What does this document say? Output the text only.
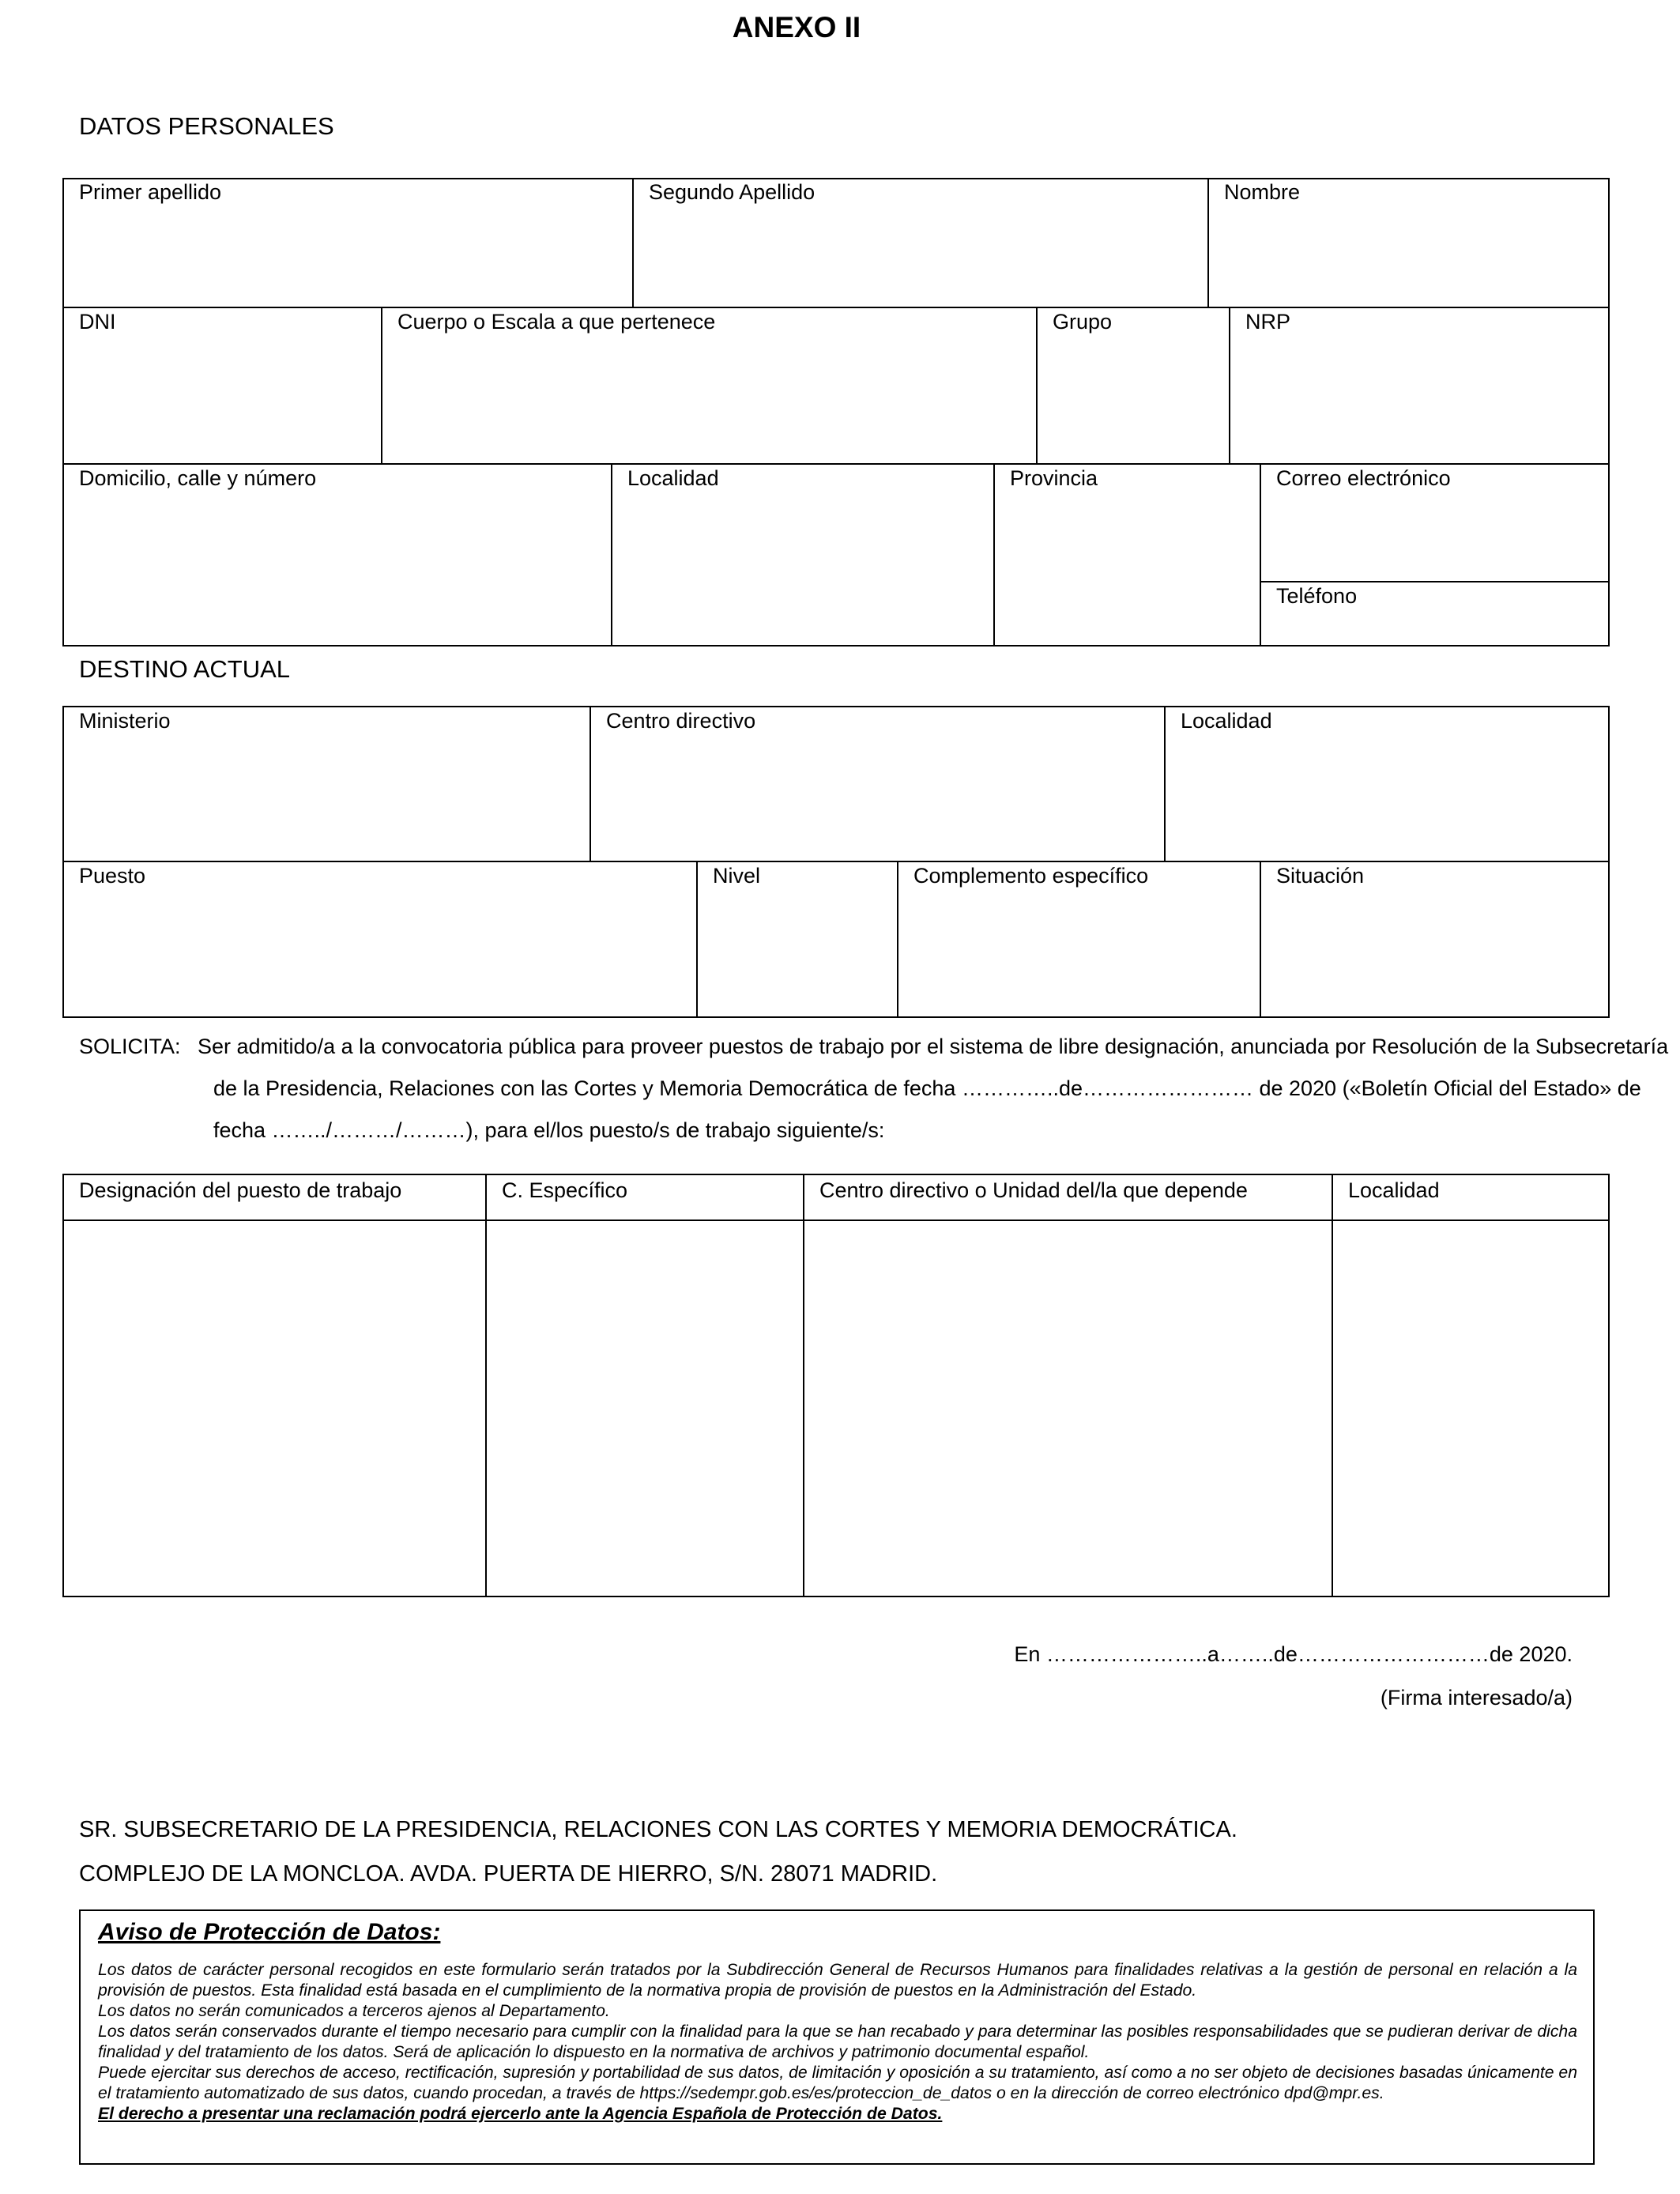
ANEXO II
DATOS PERSONALES
Primer apellido	Segundo Apellido	Nombre
DNI	Cuerpo o Escala a que pertenece	Grupo	NRP
Domicilio, calle y número	Localidad	Provincia	Correo electrónico
Teléfono
DESTINO ACTUAL
Ministerio	Centro directivo	Localidad
Puesto	Nivel	Complemento específico	Situación
SOLICITA: Ser admitido/a a la convocatoria pública para proveer puestos de trabajo por el sistema de libre designación, anunciada por Resolución de la Subsecretaría
de la Presidencia, Relaciones con las Cortes y Memoria Democrática de fecha …………..de…………………… de 2020 («Boletín Oficial del Estado» de
fecha ……../………/………), para el/los puesto/s de trabajo siguiente/s:
Designación del puesto de trabajo	C. Específico	Centro directivo o Unidad del/la que depende	Localidad
En …………………..a……..de………………………de 2020.
(Firma interesado/a)
SR. SUBSECRETARIO DE LA PRESIDENCIA, RELACIONES CON LAS CORTES Y MEMORIA DEMOCRÁTICA.
COMPLEJO DE LA MONCLOA. AVDA. PUERTA DE HIERRO, S/N. 28071 MADRID.
Aviso de Protección de Datos:

Los datos de carácter personal recogidos en este formulario serán tratados por la Subdirección General de Recursos Humanos para finalidades relativas a la gestión de personal en relación a la provisión de puestos. Esta finalidad está basada en el cumplimiento de la normativa propia de provisión de puestos en la Administración del Estado.

Los datos no serán comunicados a terceros ajenos al Departamento.

Los datos serán conservados durante el tiempo necesario para cumplir con la finalidad para la que se han recabado y para determinar las posibles responsabilidades que se pudieran derivar de dicha finalidad y del tratamiento de los datos. Será de aplicación lo dispuesto en la normativa de archivos y patrimonio documental español.

Puede ejercitar sus derechos de acceso, rectificación, supresión y portabilidad de sus datos, de limitación y oposición a su tratamiento, así como a no ser objeto de decisiones basadas únicamente en el tratamiento automatizado de sus datos, cuando procedan, a través de https://sedempr.gob.es/es/proteccion_de_datos o en la dirección de correo electrónico dpd@mpr.es.

El derecho a presentar una reclamación podrá ejercerlo ante la Agencia Española de Protección de Datos.
